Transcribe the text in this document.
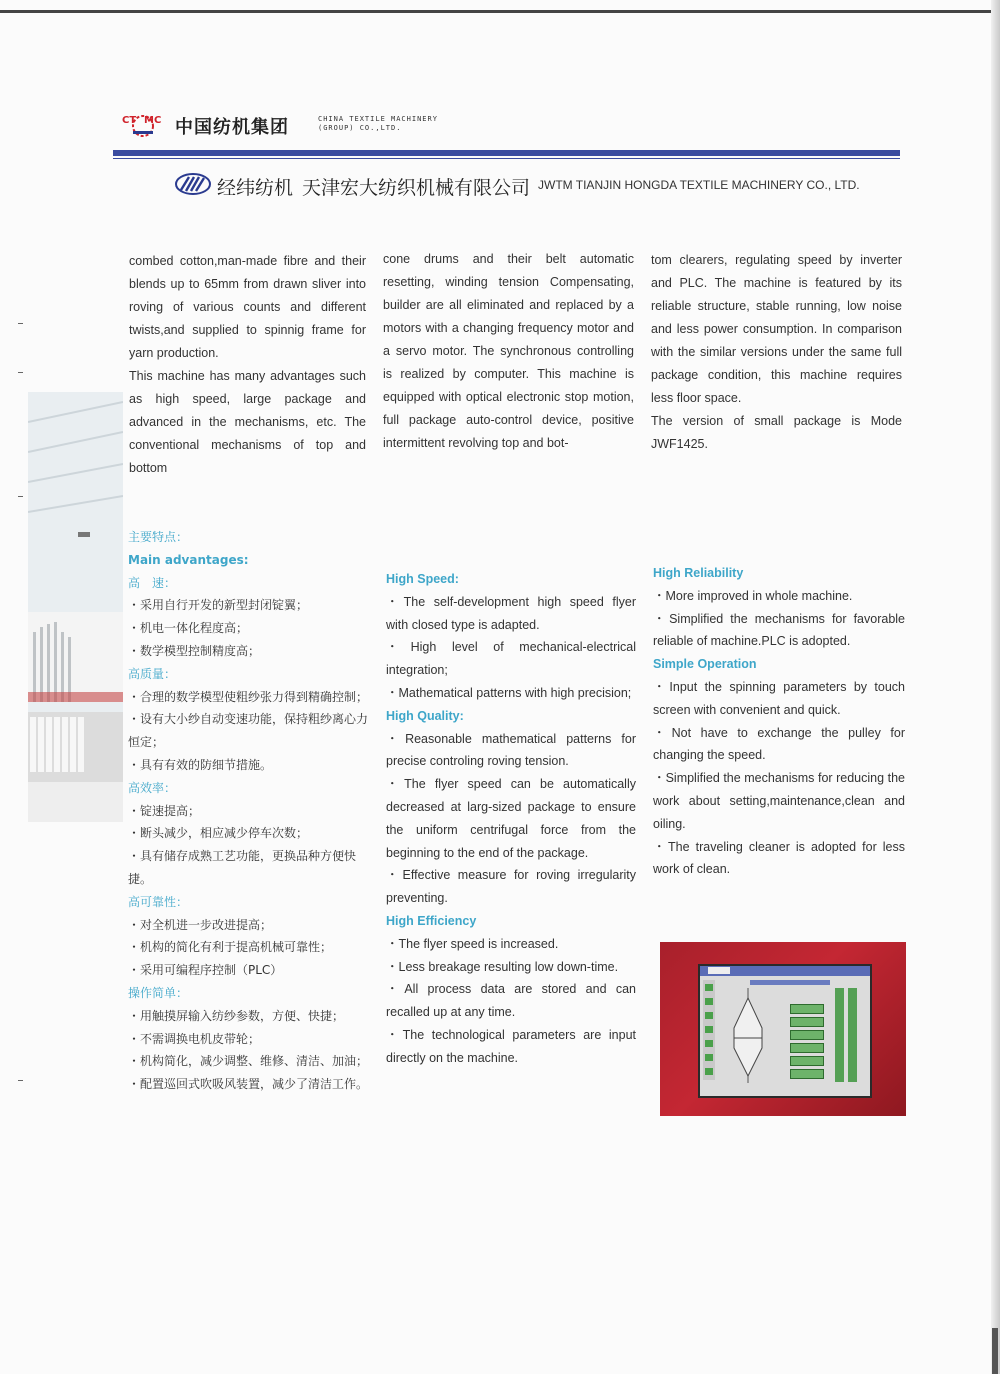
CT MC 中国纺机集团	CHINA TEXTILE MACHINERY
(GROUP) CO.,LTD.
经纬纺机 天津宏大纺织机械有限公司 JWTM TIANJIN HONGDA TEXTILE MACHINERY CO., LTD.

combed cotton,man-made fibre and their blends up to 65mm from drawn sliver into roving of various counts and different twists,and supplied to spinnig frame for yarn production.

This machine has many advantages such as high speed, large package and advanced in the mechanisms, etc. The conventional mechanisms of top and bottom

cone drums and their belt automatic resetting, winding tension Compensating, builder are all eliminated and replaced by a motors with a changing frequency motor and a servo motor. The synchronous controlling is realized by computer. This machine is equipped with optical electronic stop motion, full package auto-control device, positive intermittent revolving top and bot-

tom clearers, regulating speed by inverter and PLC. The machine is featured by its reliable structure, stable running, low noise and less power consumption. In comparison with the similar versions under the same full package condition, this machine requires less floor space.

The version of small package is Mode JWF1425.

主要特点：
Main advantages:
高　速：
・采用自行开发的新型封闭锭翼；
・机电一体化程度高；
・数学模型控制精度高；
高质量：
・合理的数学模型使粗纱张力得到精确控制；
・设有大小纱自动变速功能，保持粗纱离心力恒定；
・具有有效的防细节措施。
高效率：
・锭速提高；
・断头减少，相应减少停车次数；
・具有储存成熟工艺功能，更换品种方便快捷。
高可靠性：
・对全机进一步改进提高；
・机构的简化有利于提高机械可靠性；
・采用可编程序控制（PLC）
操作简单：
・用触摸屏输入纺纱参数，方便、快捷；
・不需调换电机皮带轮；
・机构简化，减少调整、维修、清洁、加油；
・配置巡回式吹吸风装置，减少了清洁工作。
High Speed:
・The self-development high speed flyer with closed type is adapted.
・High level of mechanical-electrical integration;
・Mathematical patterns with high precision;
High Quality:
・Reasonable mathematical patterns for precise controling roving tension.
・The flyer speed can be automatically decreased at larg-sized package to ensure the uniform centrifugal force from the beginning to the end of the package.
・Effective measure for roving irregularity preventing.
High Efficiency
・The flyer speed is increased.
・Less breakage resulting low down-time.
・All process data are stored and can recalled up at any time.
・The technological parameters are input directly on the machine.
High Reliability
・More improved in whole machine.
・Simplified the mechanisms for favorable reliable of machine.PLC is adopted.
Simple Operation
・Input the spinning parameters by touch screen with convenient and quick.
・Not have to exchange the pulley for changing the speed.
・Simplified the mechanisms for reducing the work about setting,maintenance,clean and oiling.
・The traveling cleaner is adopted for less work of clean.
